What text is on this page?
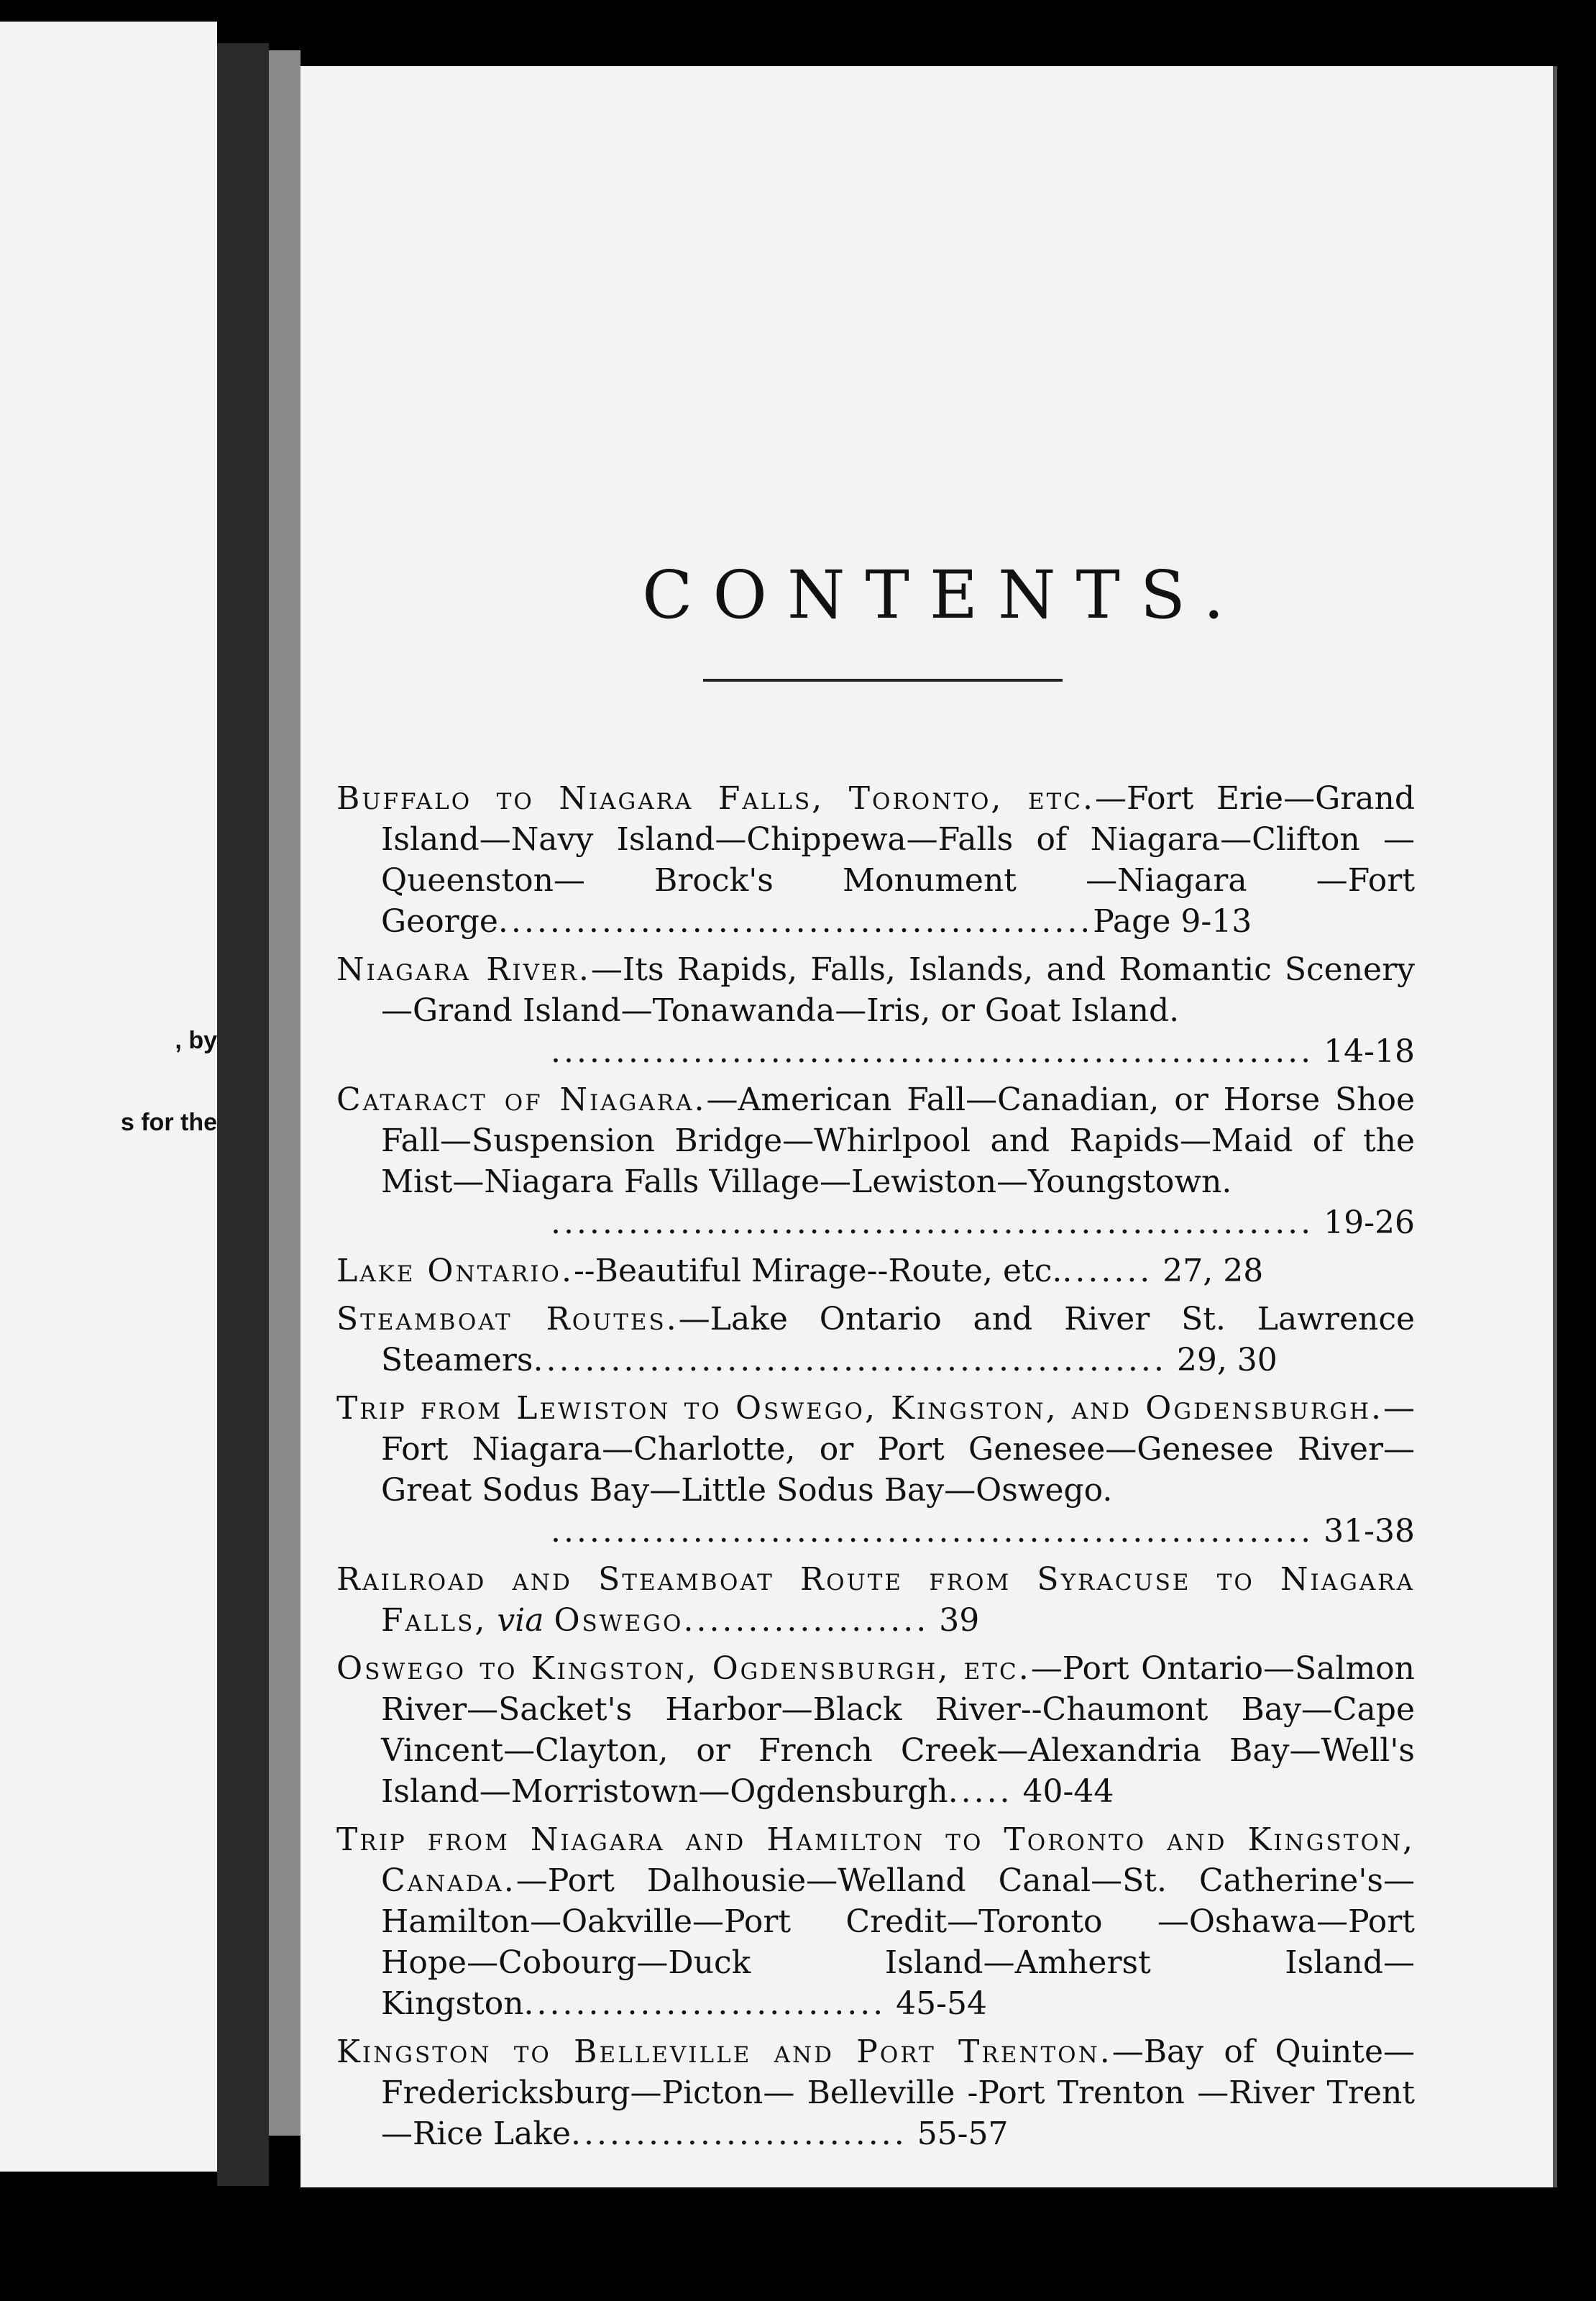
, by
s for the
CONTENTS.
Buffalo to Niagara Falls, Toronto, etc.—Fort Erie—Grand Island—Navy Island—Chippewa—Falls of Niagara—Clifton —Queenston— Brock's Monument —Niagara —Fort George..............................................Page 9-13
Niagara River.—Its Rapids, Falls, Islands, and Romantic Scenery—Grand Island—Tonawanda—Iris, or Goat Island.
........................................................... 14-18
Cataract of Niagara.—American Fall—Canadian, or Horse Shoe Fall—Suspension Bridge—Whirlpool and Rapids—Maid of the Mist—Niagara Falls Village—Lewiston—Youngstown.
........................................................... 19-26
Lake Ontario.--Beautiful Mirage--Route, etc........ 27, 28
Steamboat Routes.—Lake Ontario and River St. Lawrence Steamers................................................. 29, 30
Trip from Lewiston to Oswego, Kingston, and Ogdensburgh.—Fort Niagara—Charlotte, or Port Genesee—Genesee River—Great Sodus Bay—Little Sodus Bay—Oswego.
........................................................... 31-38
Railroad and Steamboat Route from Syracuse to Niagara Falls, via Oswego................... 39
Oswego to Kingston, Ogdensburgh, etc.—Port Ontario—Salmon River—Sacket's Harbor—Black River--Chaumont Bay—Cape Vincent—Clayton, or French Creek—Alexandria Bay—Well's Island—Morristown—Ogdensburgh..... 40-44
Trip from Niagara and Hamilton to Toronto and Kingston, Canada.—Port Dalhousie—Welland Canal—St. Catherine's—Hamilton—Oakville—Port Credit—Toronto —Oshawa—Port Hope—Cobourg—Duck Island—Amherst Island—Kingston............................ 45-54
Kingston to Belleville and Port Trenton.—Bay of Quinte—Fredericksburg—Picton— Belleville -Port Trenton —River Trent—Rice Lake.......................... 55-57
